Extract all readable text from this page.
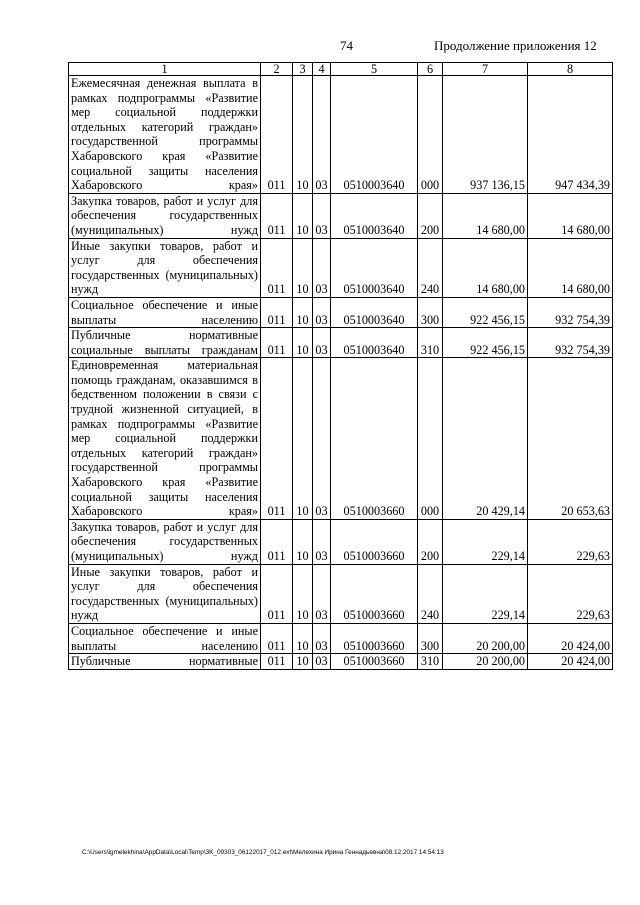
74	Продолжение приложения 12
1	2	3	4	5	6	7	8
Ежемесячная денежная выплата в рамках подпрограммы «Развитие мер социальной поддержки отдельных категорий граждан» государственной программы Хабаровского края «Развитие социальной защиты населения Хабаровского края»	011	10	03	0510003640	000	937 136,15	947 434,39
Закупка товаров, работ и услуг для обеспечения государственных (муниципальных) нужд	011	10	03	0510003640	200	14 680,00	14 680,00
Иные закупки товаров, работ и услуг для обеспечения государственных (муниципальных) нужд	011	10	03	0510003640	240	14 680,00	14 680,00
Социальное обеспечение и иные выплаты населению	011	10	03	0510003640	300	922 456,15	932 754,39
Публичные нормативные социальные выплаты гражданам	011	10	03	0510003640	310	922 456,15	932 754,39
Единовременная материальная помощь гражданам, оказавшимся в бедственном положении в связи с трудной жизненной ситуацией, в рамках подпрограммы «Развитие мер социальной поддержки отдельных категорий граждан» государственной программы Хабаровского края «Развитие социальной защиты населения Хабаровского края»	011	10	03	0510003660	000	20 429,14	20 653,63
Закупка товаров, работ и услуг для обеспечения государственных (муниципальных) нужд	011	10	03	0510003660	200	229,14	229,63
Иные закупки товаров, работ и услуг для обеспечения государственных (муниципальных) нужд	011	10	03	0510003660	240	229,14	229,63
Социальное обеспечение и иные выплаты населению	011	10	03	0510003660	300	20 200,00	20 424,00
Публичные нормативные	011	10	03	0510003660	310	20 200,00	20 424,00
C:\Users\igmelekhina\AppData\Local\Temp\3K_09303_06122017_012.ext\Мелехина Ирина Геннадьевна\08.12.2017 14:54:13
